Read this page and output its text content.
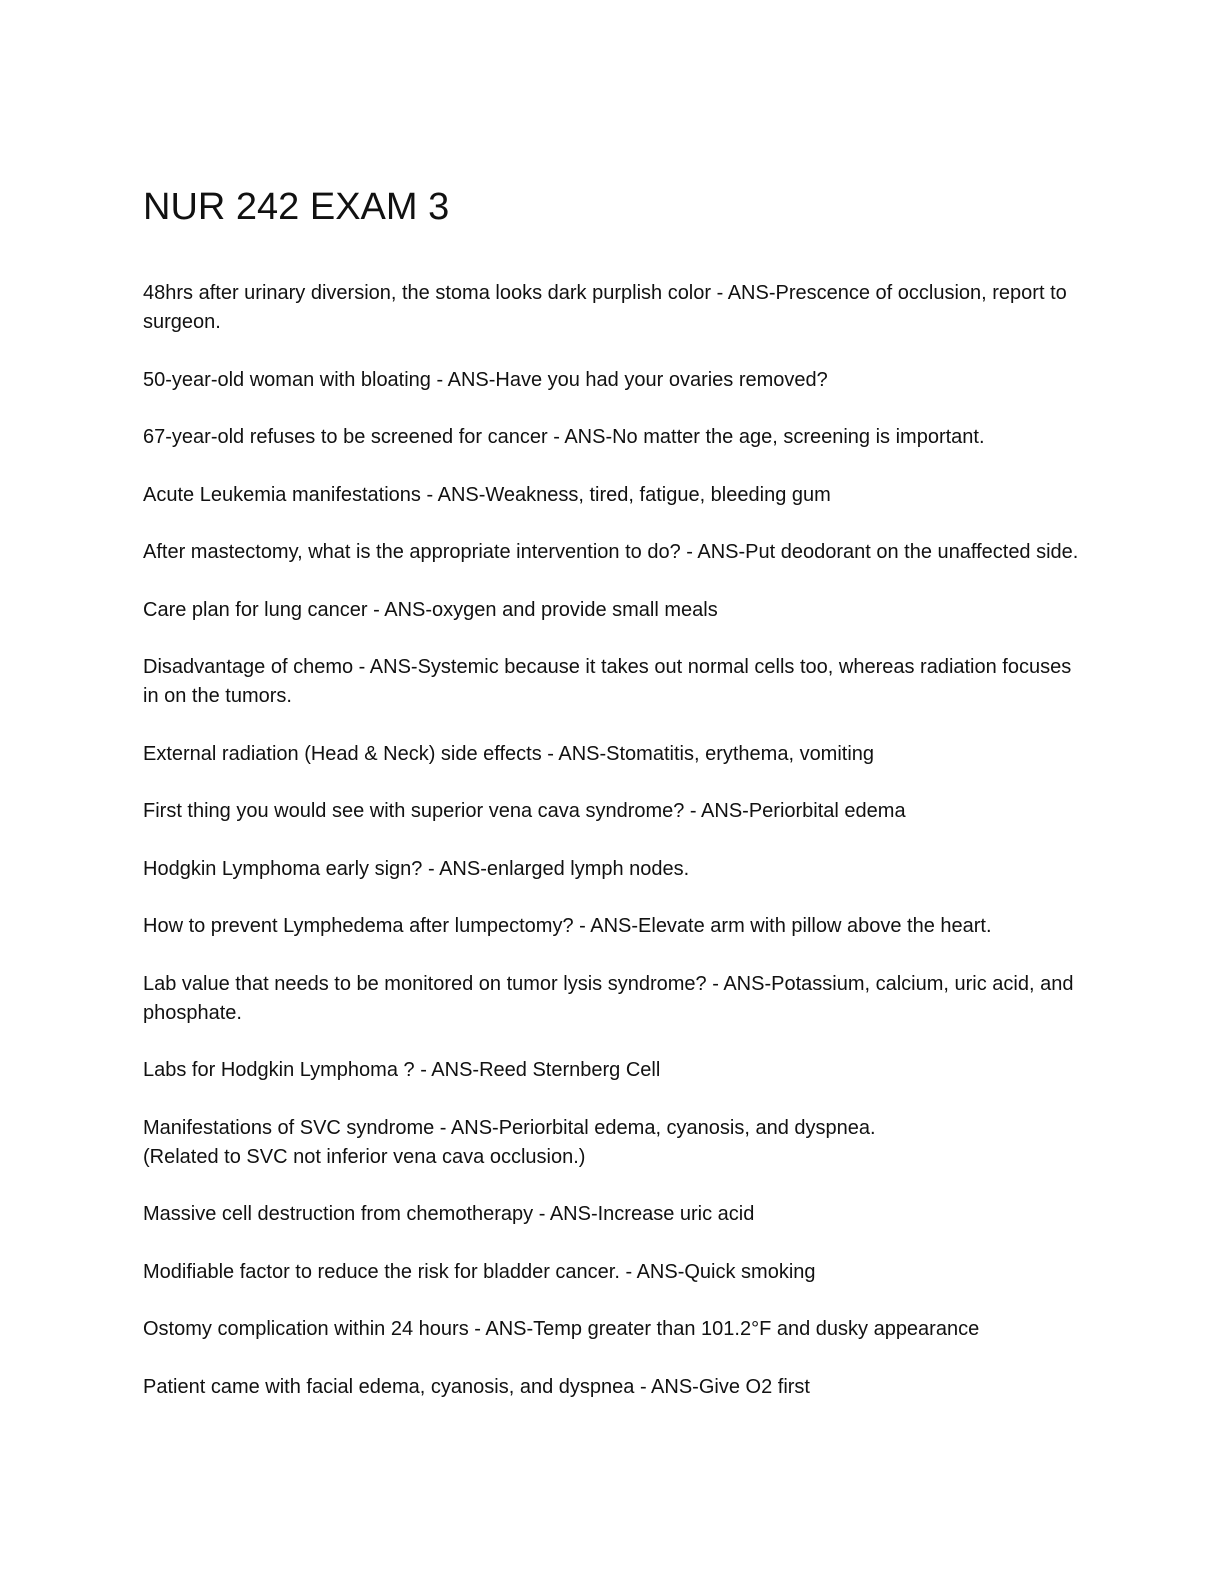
NUR 242 EXAM 3

48hrs after urinary diversion, the stoma looks dark purplish color - ANS-Prescence of occlusion, report to surgeon.

50-year-old woman with bloating - ANS-Have you had your ovaries removed?

67-year-old refuses to be screened for cancer - ANS-No matter the age, screening is important.

Acute Leukemia manifestations - ANS-Weakness, tired, fatigue, bleeding gum

After mastectomy, what is the appropriate intervention to do? - ANS-Put deodorant on the unaffected side.

Care plan for lung cancer - ANS-oxygen and provide small meals

Disadvantage of chemo - ANS-Systemic because it takes out normal cells too, whereas radiation focuses in on the tumors.

External radiation (Head & Neck) side effects - ANS-Stomatitis, erythema, vomiting

First thing you would see with superior vena cava syndrome? - ANS-Periorbital edema

Hodgkin Lymphoma early sign? - ANS-enlarged lymph nodes.

How to prevent Lymphedema after lumpectomy? - ANS-Elevate arm with pillow above the heart.

Lab value that needs to be monitored on tumor lysis syndrome? - ANS-Potassium, calcium, uric acid, and phosphate.

Labs for Hodgkin Lymphoma ? - ANS-Reed Sternberg Cell

Manifestations of SVC syndrome - ANS-Periorbital edema, cyanosis, and dyspnea.
(Related to SVC not inferior vena cava occlusion.)

Massive cell destruction from chemotherapy - ANS-Increase uric acid

Modifiable factor to reduce the risk for bladder cancer. - ANS-Quick smoking

Ostomy complication within 24 hours - ANS-Temp greater than 101.2°F and dusky appearance

Patient came with facial edema, cyanosis, and dyspnea - ANS-Give O2 first
